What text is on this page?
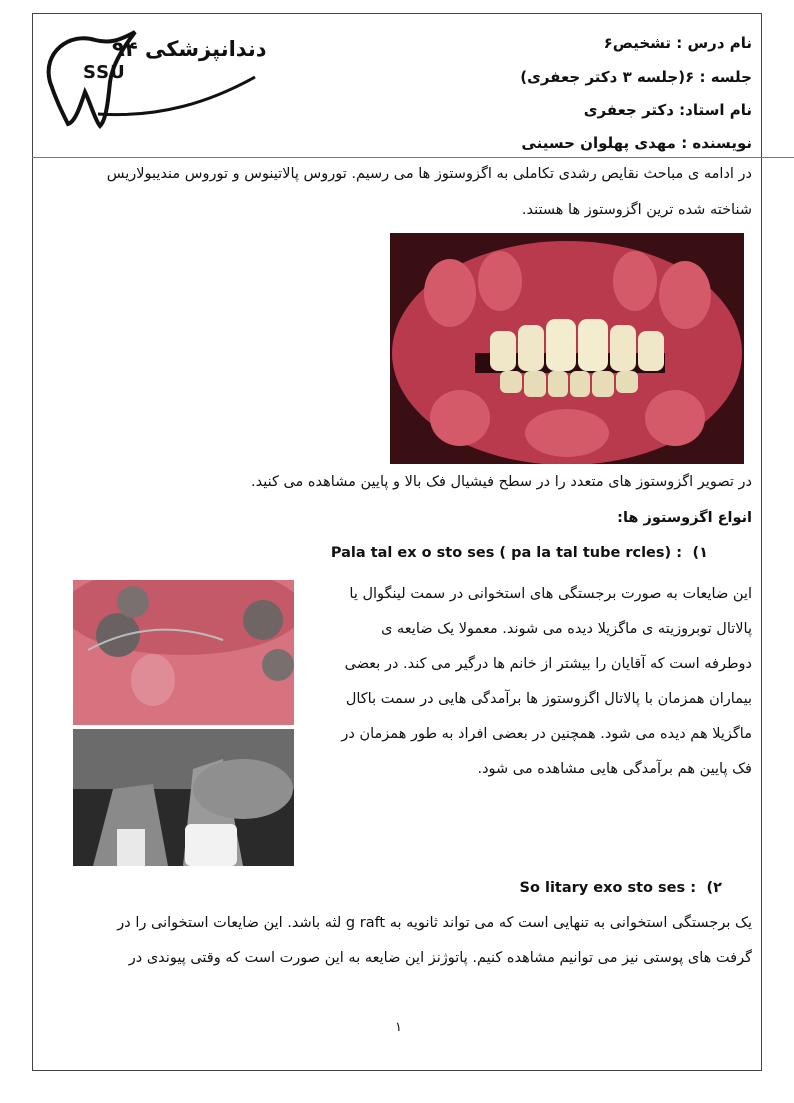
دندانپزشکی ۹۴
SSU
نام درس : تشخیص۶
جلسه : ۶(جلسه ۳ دکتر جعفری)
نام استاد: دکتر جعفری
نویسنده : مهدی پهلوان حسینی
در ادامه ی مباحث نقایص رشدی تکاملی به اگزوستوز ها می رسیم. توروس پالاتینوس و توروس مندیبولاریس
شناخته شده ترین اگزوستوز ها هستند.
در تصویر اگزوستوز های متعدد را در سطح فیشیال فک بالا و پایین مشاهده می کنید.
انواع اگزوستوز ها:
۱)
Pala tal ex o sto ses ( pa la tal tube rcles) :
این ضایعات به صورت برجستگی های استخوانی در سمت لینگوال یا
پالاتال توبروزیته ی ماگزیلا دیده می شوند. معمولا یک ضایعه ی
دوطرفه است که آقایان را بیشتر از خانم ها درگیر می کند. در بعضی
بیماران همزمان با پالاتال اگزوستوز ها برآمدگی هایی در سمت باکال
ماگزیلا هم دیده می شود. همچنین در بعضی افراد به طور همزمان در
فک پایین هم برآمدگی هایی مشاهده می شود.
۲)
So litary exo sto ses :
یک برجستگی استخوانی به تنهایی است که می تواند ثانویه به g raft لثه باشد. این ضایعات استخوانی را در
گرفت های پوستی نیز می توانیم مشاهده کنیم. پاتوژنز این ضایعه به این صورت است که وقتی پیوندی در
۱
